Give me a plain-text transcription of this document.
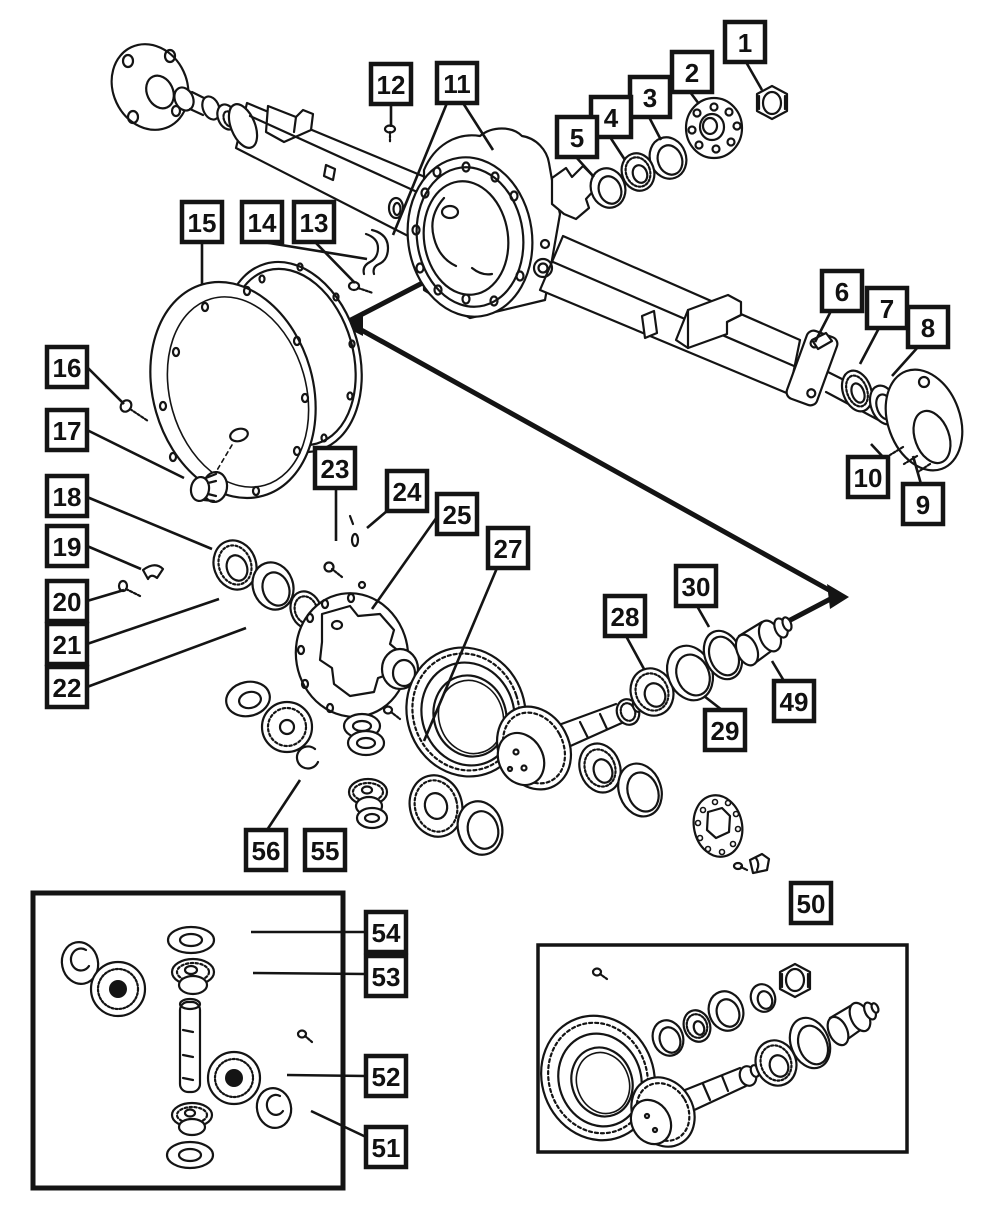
1
2
3
4
5
6
7
8
9
10
11
12
13
14
15
16
17
18
19
20
21
22
23
24
25
27
28
29
30
49
50
51
52
53
54
55
56
